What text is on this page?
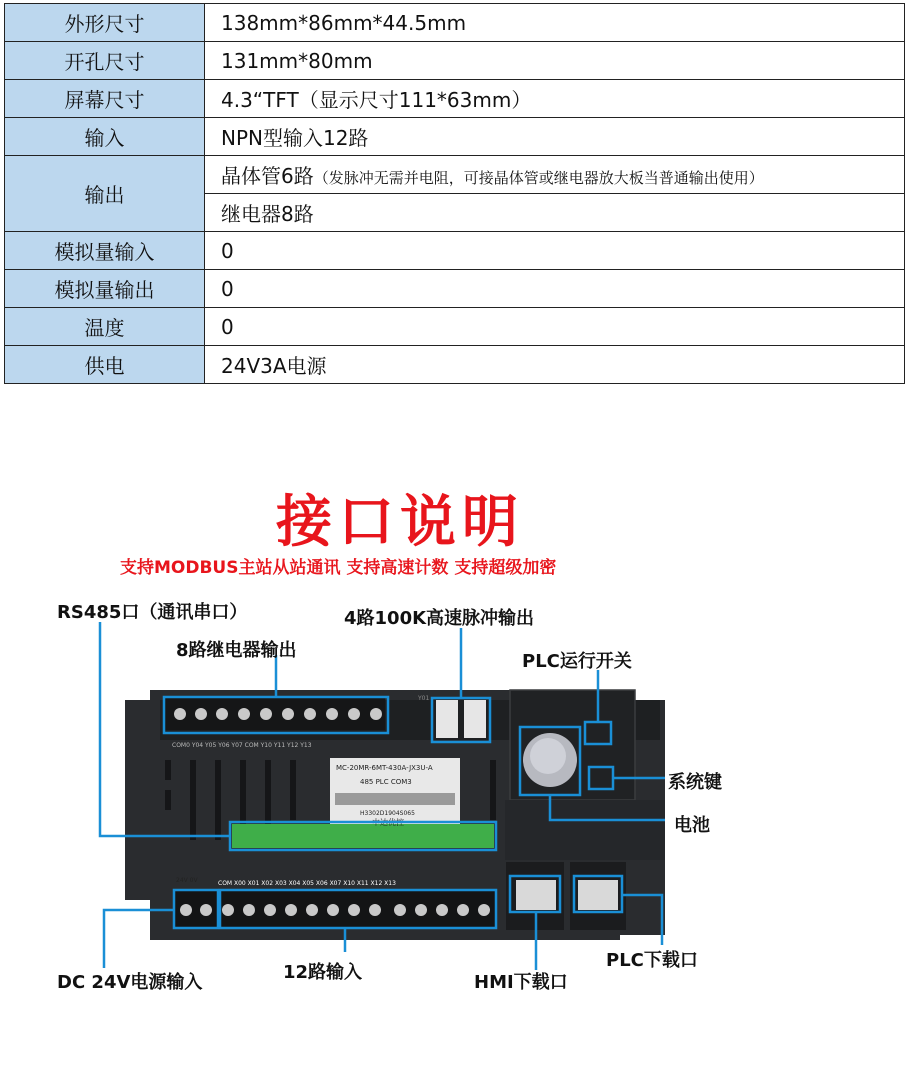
外形尺寸	138mm*86mm*44.5mm
开孔尺寸	131mm*80mm
屏幕尺寸	4.3“TFT（显示尺寸111*63mm）
输入	NPN型输入12路
输出	晶体管6路（发脉冲无需并电阻，可接晶体管或继电器放大板当普通输出使用）
	继电器8路
模拟量输入	0
模拟量输出	0
温度	0
供电	24V3A电源
接口说明
支持MODBUS主站从站通讯 支持高速计数 支持超级加密
COM0 Y04 Y05 Y06 Y07 COM Y10 Y11 Y12 Y13
MC-20MR-6MT-430A-JX3U-A
485 PLC COM3
H3302D1904S065
中达优控
COM X00 X01 X02 X03 X04 X05 X06 X07 X10 X11 X12 X13
24V 0V
Y01
RS485口（通讯串口）
8路继电器输出
4路100K高速脉冲输出
PLC运行开关
系统键
电池
PLC下载口
HMI下载口
12路输入
DC 24V电源输入
